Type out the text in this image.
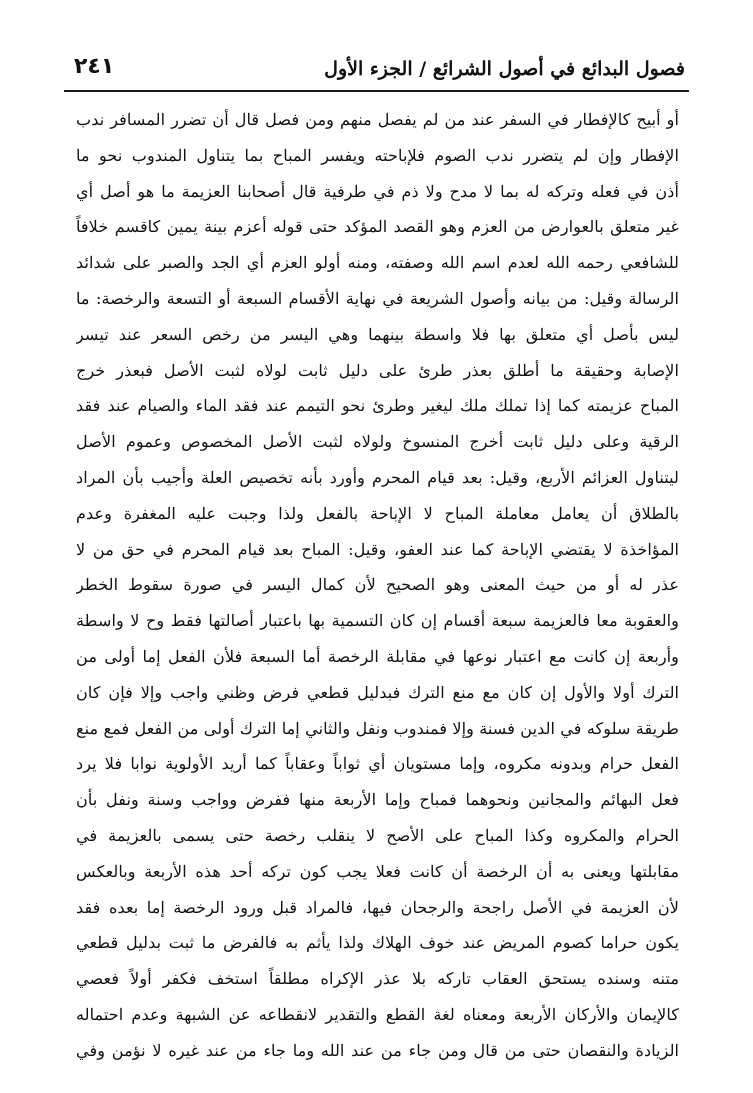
فصول البدائع في أصول الشرائع / الجزء الأول
٢٤١
أو أبيح كالإفطار في السفر عند من لم يفصل منهم ومن فصل قال أن تضرر المسافر ندب
الإفطار وإن لم يتضرر ندب الصوم فلإباحته ويفسر المباح بما يتناول المندوب نحو ما
أذن في فعله وتركه له بما لا مدح ولا ذم في طرفية قال أصحابنا العزيمة ما هو أصل أي
غير متعلق بالعوارض من العزم وهو القصد المؤكد حتى قوله أعزم بينة يمين كاقسم خلافاً
للشافعي رحمه الله لعدم اسم الله وصفته، ومنه أولو العزم أي الجد والصبر على شدائد
الرسالة وقيل: من بيانه وأصول الشريعة في نهاية الأقسام السبعة أو التسعة والرخصة: ما
ليس بأصل أي متعلق بها فلا واسطة بينهما وهي اليسر من رخص السعر عند تيسر
الإصابة وحقيقة ما أطلق بعذر طرئ على دليل ثابت لولاه لثبت الأصل فبعذر خرج
المباح عزيمته كما إذا تملك ملك ليغير وطرئ نحو التيمم عند فقد الماء والصيام عند فقد
الرقية وعلى دليل ثابت أخرج المنسوخ ولولاه لثبت الأصل المخصوص وعموم الأصل
ليتناول العزائم الأربع، وقيل: بعد قيام المحرم وأورد بأنه تخصيص العلة وأجيب بأن المراد
بالطلاق أن يعامل معاملة المباح لا الإباحة بالفعل ولذا وجبت عليه المغفرة وعدم
المؤاخذة لا يقتضي الإباحة كما عند العفو، وقيل: المباح بعد قيام المحرم في حق من لا
عذر له أو من حيث المعنى وهو الصحيح لأن كمال اليسر في صورة سقوط الخطر
والعقوبة معا فالعزيمة سبعة أقسام إن كان التسمية بها باعتبار أصالتها فقط وح لا واسطة
وأربعة إن كانت مع اعتبار نوعها في مقابلة الرخصة أما السبعة فلأن الفعل إما أولى من
الترك أولا والأول إن كان مع منع الترك فبدليل قطعي فرض وظني واجب وإلا فإن كان
طريقة سلوكه في الدين فسنة وإلا فمندوب ونفل والثاني إما الترك أولى من الفعل فمع منع
الفعل حرام وبدونه مكروه، وإما مستويان أي ثواباً وعقاباً كما أريد الأولوية نوابا فلا يرد
فعل البهائم والمجانين ونحوهما فمباح وإما الأربعة منها ففرض وواجب وسنة ونفل بأن
الحرام والمكروه وكذا المباح على الأصح لا ينقلب رخصة حتى يسمى بالعزيمة في
مقابلتها ويعنى به أن الرخصة أن كانت فعلا يجب كون تركه أحد هذه الأربعة وبالعكس
لأن العزيمة في الأصل راجحة والرجحان فيها، فالمراد قبل ورود الرخصة إما بعده فقد
يكون حراما كصوم المريض عند خوف الهلاك ولذا يأثم به فالفرض ما ثبت بدليل قطعي
متنه وسنده يستحق العقاب تاركه بلا عذر الإكراه مطلقاً استخف فكفر أولاً فعصي
كالإيمان والأركان الأربعة ومعناه لغة القطع والتقدير لانقطاعه عن الشبهة وعدم احتماله
الزيادة والنقصان حتى من قال ومن جاء من عند الله وما جاء من عند غيره لا نؤمن وفي
